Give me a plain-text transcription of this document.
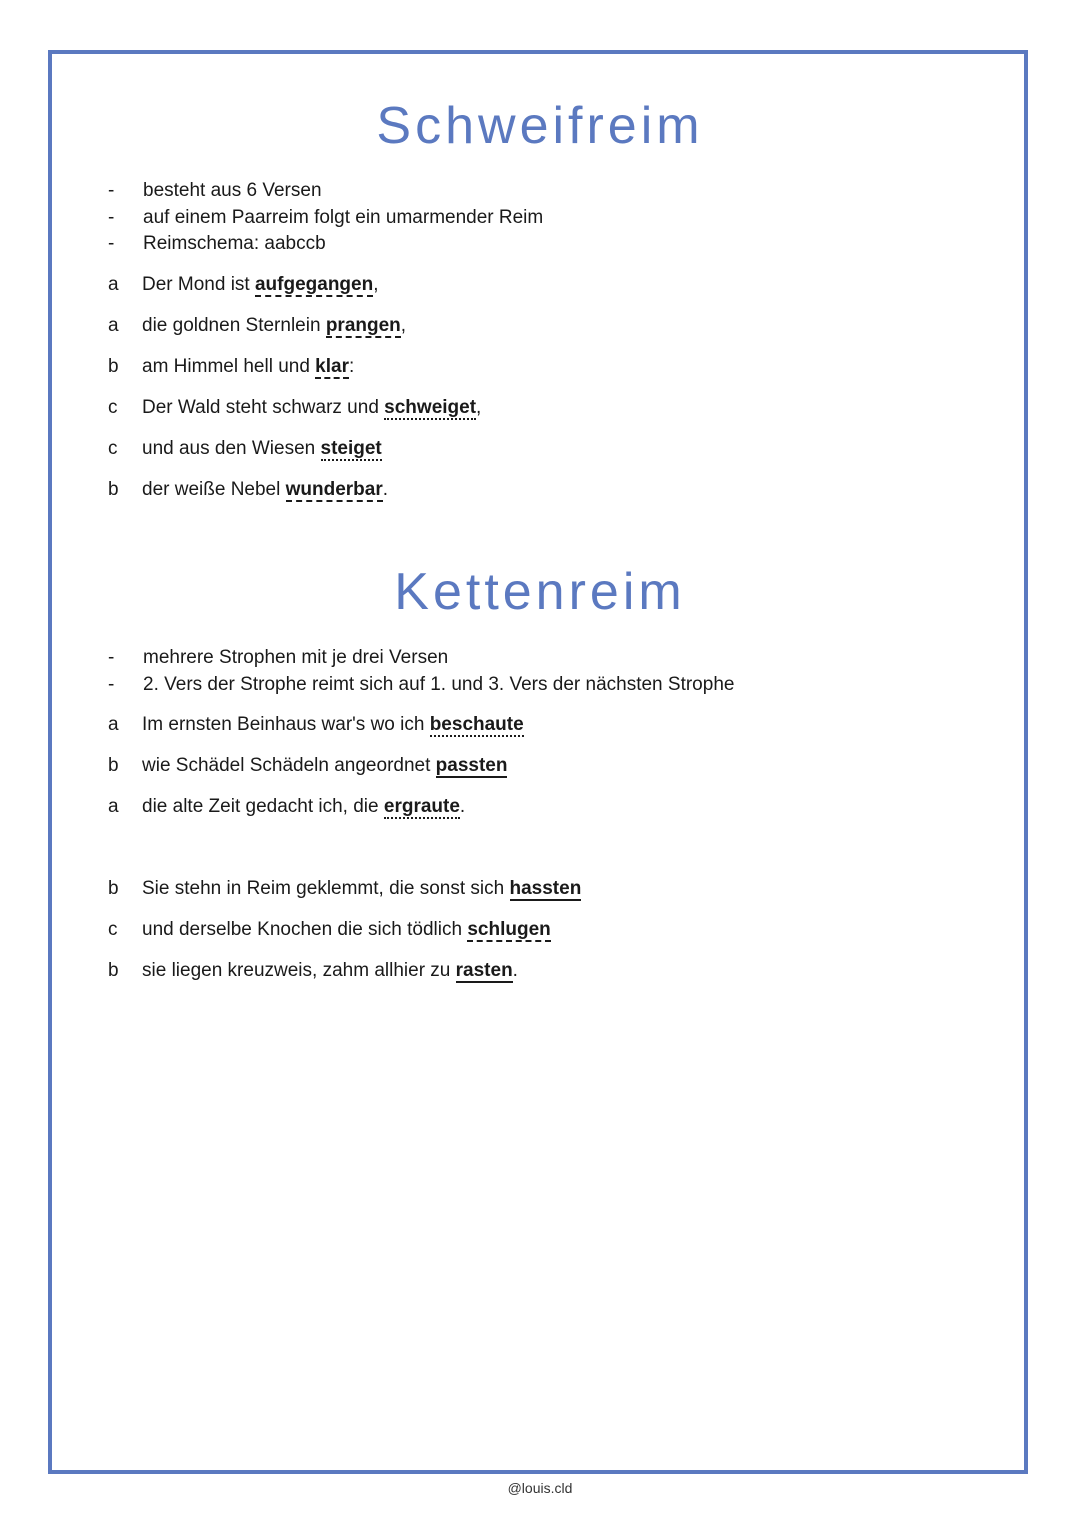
Schweifreim
- besteht aus 6 Versen
- auf einem Paarreim folgt ein umarmender Reim
- Reimschema: aabccb
a Der Mond ist aufgegangen,
a die goldnen Sternlein prangen,
b am Himmel hell und klar:
c Der Wald steht schwarz und schweiget,
c und aus den Wiesen steiget
b der weiße Nebel wunderbar.
Kettenreim
- mehrere Strophen mit je drei Versen
- 2. Vers der Strophe reimt sich auf 1. und 3. Vers der nächsten Strophe
a Im ernsten Beinhaus war's wo ich beschaute
b wie Schädel Schädeln angeordnet passten
a die alte Zeit gedacht ich, die ergraute.
b Sie stehn in Reim geklemmt, die sonst sich hassten
c und derselbe Knochen die sich tödlich schlugen
b sie liegen kreuzweis, zahm allhier zu rasten.
@louis.cld
